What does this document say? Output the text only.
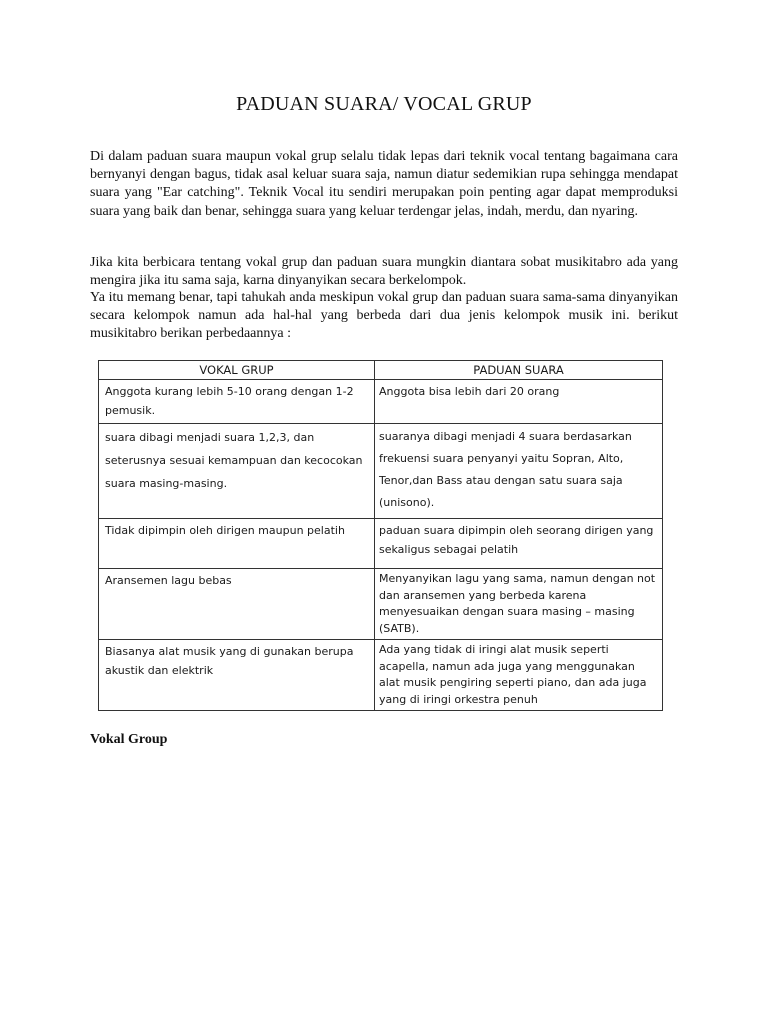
PADUAN SUARA/ VOCAL GRUP

Di dalam paduan suara maupun vokal grup selalu tidak lepas dari teknik vocal tentang bagaimana cara bernyanyi dengan bagus, tidak asal keluar suara saja, namun diatur sedemikian rupa sehingga mendapat suara yang "Ear catching". Teknik Vocal itu sendiri merupakan poin penting agar dapat memproduksi suara yang baik dan benar, sehingga suara yang keluar terdengar jelas, indah, merdu, dan nyaring.

Jika kita berbicara tentang vokal grup dan paduan suara mungkin diantara sobat musikitabro ada yang mengira jika itu sama saja, karna dinyanyikan secara berkelompok.

Ya itu memang benar, tapi tahukah anda meskipun vokal grup dan paduan suara sama-sama dinyanyikan secara kelompok namun ada hal-hal yang berbeda dari dua jenis kelompok musik ini. berikut musikitabro berikan perbedaannya :

VOKAL GRUP	PADUAN SUARA
Anggota kurang lebih 5-10 orang dengan 1-2 pemusik.	Anggota bisa lebih dari 20 orang
suara dibagi menjadi suara 1,2,3, dan seterusnya sesuai kemampuan dan kecocokan suara masing-masing.	suaranya dibagi menjadi 4 suara berdasarkan frekuensi suara penyanyi yaitu Sopran, Alto, Tenor,dan Bass atau dengan satu suara saja (unisono).
Tidak dipimpin oleh dirigen maupun pelatih	paduan suara dipimpin oleh seorang dirigen yang sekaligus sebagai pelatih
Aransemen lagu bebas	Menyanyikan lagu yang sama, namun dengan not dan aransemen yang berbeda karena menyesuaikan dengan suara masing – masing (SATB).
Biasanya alat musik yang di gunakan berupa akustik dan elektrik	Ada yang tidak di iringi alat musik seperti acapella, namun ada juga yang menggunakan alat musik pengiring seperti piano, dan ada juga yang di iringi orkestra penuh
Vokal Group
